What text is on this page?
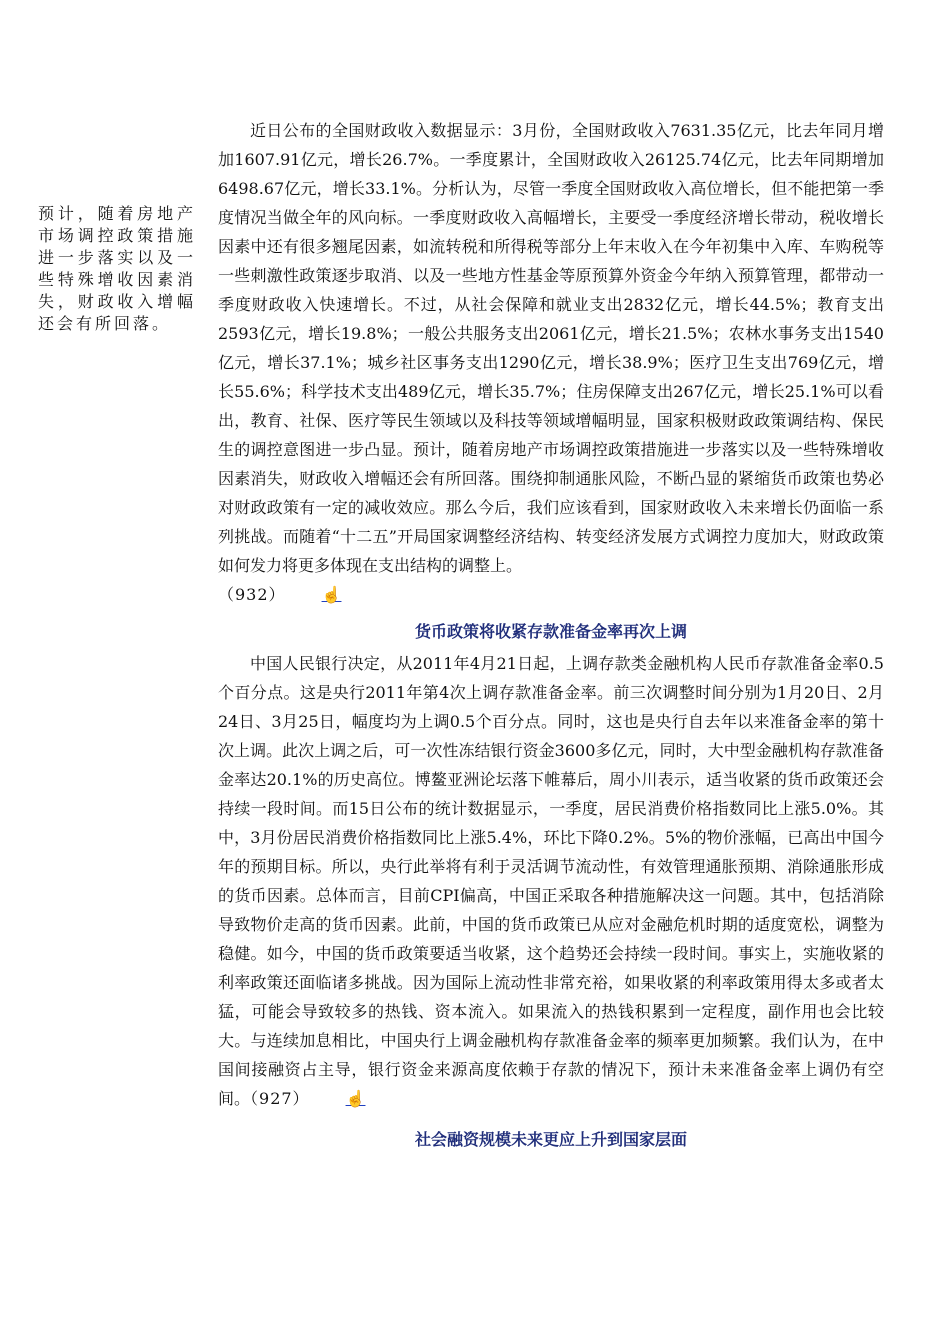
预计，随着房地产市场调控政策措施进一步落实以及一些特殊增收因素消失，财政收入增幅还会有所回落。

近日公布的全国财政收入数据显示：3月份，全国财政收入7631.35亿元，比去年同月增加1607.91亿元，增长26.7%。一季度累计，全国财政收入26125.74亿元，比去年同期增加6498.67亿元，增长33.1%。分析认为，尽管一季度全国财政收入高位增长，但不能把第一季度情况当做全年的风向标。一季度财政收入高幅增长，主要受一季度经济增长带动，税收增长因素中还有很多翘尾因素，如流转税和所得税等部分上年末收入在今年初集中入库、车购税等一些刺激性政策逐步取消、以及一些地方性基金等原预算外资金今年纳入预算管理，都带动一季度财政收入快速增长。不过，从社会保障和就业支出2832亿元，增长44.5%；教育支出2593亿元，增长19.8%；一般公共服务支出2061亿元，增长21.5%；农林水事务支出1540亿元，增长37.1%；城乡社区事务支出1290亿元，增长38.9%；医疗卫生支出769亿元，增长55.6%；科学技术支出489亿元，增长35.7%；住房保障支出267亿元，增长25.1%可以看出，教育、社保、医疗等民生领域以及科技等领域增幅明显，国家积极财政政策调结构、保民生的调控意图进一步凸显。预计，随着房地产市场调控政策措施进一步落实以及一些特殊增收因素消失，财政收入增幅还会有所回落。围绕抑制通胀风险，不断凸显的紧缩货币政策也势必对财政政策有一定的减收效应。那么今后，我们应该看到，国家财政收入未来增长仍面临一系列挑战。而随着“十二五”开局国家调整经济结构、转变经济发展方式调控力度加大，财政政策如何发力将更多体现在支出结构的调整上。
（932） ☝

货币政策将收紧存款准备金率再次上调

中国人民银行决定，从2011年4月21日起，上调存款类金融机构人民币存款准备金率0.5个百分点。这是央行2011年第4次上调存款准备金率。前三次调整时间分别为1月20日、2月24日、3月25日，幅度均为上调0.5个百分点。同时，这也是央行自去年以来准备金率的第十次上调。此次上调之后，可一次性冻结银行资金3600多亿元，同时，大中型金融机构存款准备金率达20.1%的历史高位。博鳌亚洲论坛落下帷幕后，周小川表示，适当收紧的货币政策还会持续一段时间。而15日公布的统计数据显示，一季度，居民消费价格指数同比上涨5.0%。其中，3月份居民消费价格指数同比上涨5.4%，环比下降0.2%。5%的物价涨幅，已高出中国今年的预期目标。所以，央行此举将有利于灵活调节流动性，有效管理通胀预期、消除通胀形成的货币因素。总体而言，目前CPI偏高，中国正采取各种措施解决这一问题。其中，包括消除导致物价走高的货币因素。此前，中国的货币政策已从应对金融危机时期的适度宽松，调整为稳健。如今，中国的货币政策要适当收紧，这个趋势还会持续一段时间。事实上，实施收紧的利率政策还面临诸多挑战。因为国际上流动性非常充裕，如果收紧的利率政策用得太多或者太猛，可能会导致较多的热钱、资本流入。如果流入的热钱积累到一定程度，副作用也会比较大。与连续加息相比，中国央行上调金融机构存款准备金率的频率更加频繁。我们认为，在中国间接融资占主导，银行资金来源高度依赖于存款的情况下，预计未来准备金率上调仍有空间。（927） ☝

社会融资规模未来更应上升到国家层面
